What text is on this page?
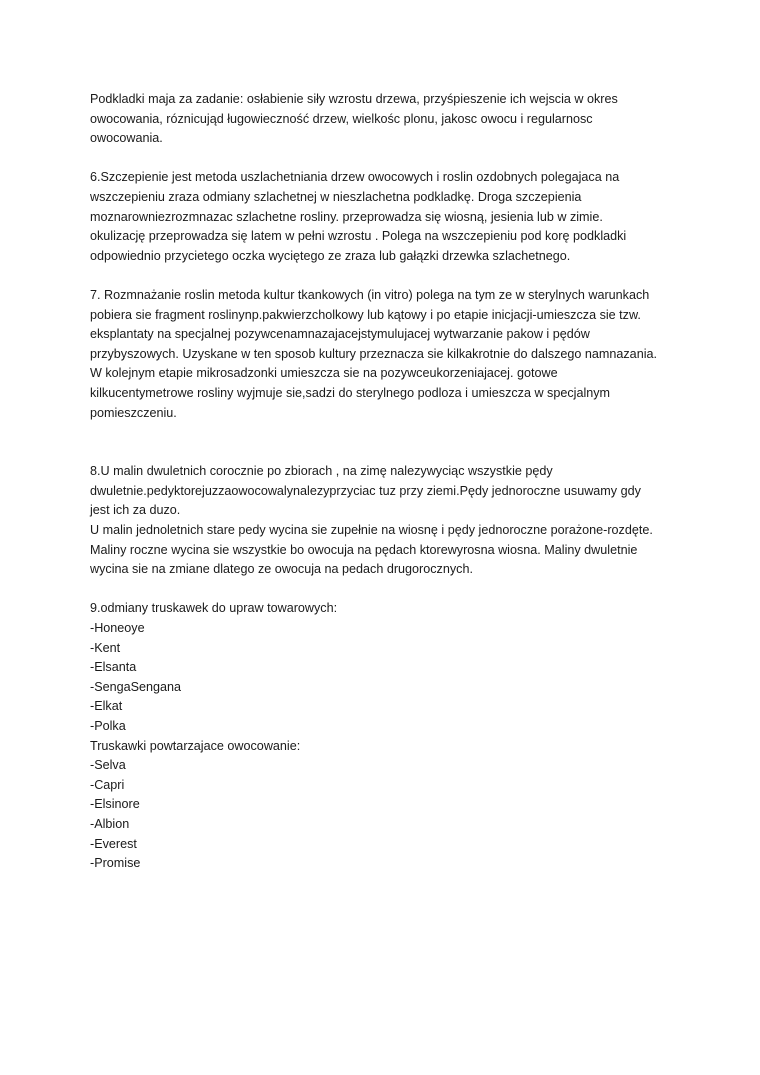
Podkladki maja za zadanie: osłabienie siły wzrostu drzewa, przyśpieszenie ich wejscia w okres
owocowania, róznicująd ługowieczność drzew, wielkośc plonu, jakosc owocu i regularnosc
owocowania.
6.Szczepienie jest metoda uszlachetniania drzew owocowych i roslin ozdobnych polegajaca na
wszczepieniu zraza odmiany szlachetnej w nieszlachetna podkladkę. Droga szczepienia
moznarowniezrozmnazac szlachetne rosliny. przeprowadza się wiosną, jesienia lub w zimie.
okulizację przeprowadza się latem w pełni wzrostu . Polega na wszczepieniu pod korę podkladki
odpowiednio przycietego oczka wyciętego ze zraza lub gałązki drzewka szlachetnego.
7. Rozmnażanie roslin metoda kultur tkankowych (in vitro) polega na tym ze w sterylnych warunkach
pobiera sie fragment roslinynp.pakwierzcholkowy lub kątowy i po etapie inicjacji-umieszcza sie tzw.
eksplantaty na specjalnej pozywcenamnazajacejstymulujacej wytwarzanie pakow i pędów
przybyszowych. Uzyskane w ten sposob kultury przeznacza sie kilkakrotnie do dalszego namnazania.
W kolejnym etapie mikrosadzonki umieszcza sie na pozywceukorzeniajacej. gotowe
kilkucentymetrowe rosliny wyjmuje sie,sadzi do sterylnego podloza i umieszcza w specjalnym
pomieszczeniu.
8.U malin dwuletnich corocznie po zbiorach , na zimę nalezywyciąc wszystkie pędy
dwuletnie.pedyktorejuzzaowocowalynalezyprzyciac tuz przy ziemi.Pędy jednoroczne usuwamy gdy
jest ich za duzo.
U malin jednoletnich stare pedy wycina sie zupełnie na wiosnę i pędy jednoroczne porażone-rozdęte.
Maliny roczne wycina sie wszystkie bo owocuja na pędach ktorewyrosna wiosna. Maliny dwuletnie
wycina sie na zmiane dlatego ze owocuja na pedach drugorocznych.
9.odmiany truskawek do upraw towarowych:
-Honeoye
-Kent
-Elsanta
-SengaSengana
-Elkat
-Polka
Truskawki powtarzajace owocowanie:
-Selva
-Capri
-Elsinore
-Albion
-Everest
-Promise
